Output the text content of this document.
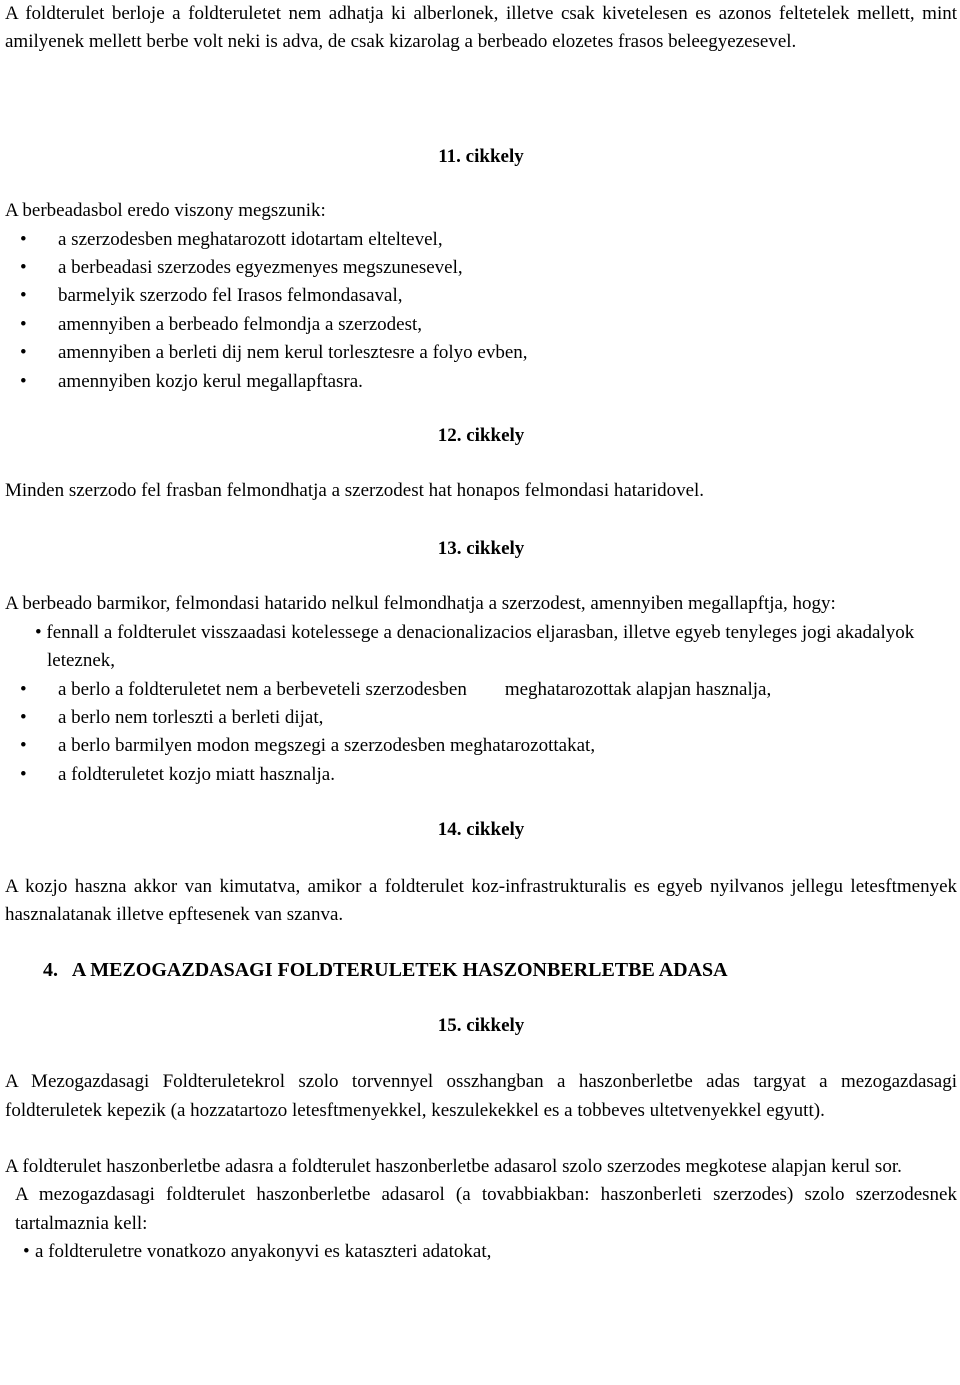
A foldterulet berloje a foldteruletet nem adhatja ki alberlonek, illetve csak kivetelesen es azonos feltetelek mellett, mint amilyenek mellett berbe volt neki is adva, de csak kizarolag a berbeado elozetes frasos beleegyezesevel.

11. cikkely

A berbeadasbol eredo viszony megszunik:

• a szerzodesben meghatarozott idotartam elteltevel,
• a berbeadasi szerzodes egyezmenyes megszunesevel,
• barmelyik szerzodo fel Irasos felmondasaval,
• amennyiben a berbeado felmondja a szerzodest,
• amennyiben a berleti dij nem kerul torlesztesre a folyo evben,
• amennyiben kozjo kerul megallapftasra.
12. cikkely

Minden szerzodo fel frasban felmondhatja a szerzodest hat honapos felmondasi hataridovel.

13. cikkely

A berbeado barmikor, felmondasi hatarido nelkul felmondhatja a szerzodest, amennyiben megallapftja, hogy:

• fennall a foldterulet visszaadasi kotelessege a denacionalizacios eljarasban, illetve egyeb tenyleges jogi akadalyok leteznek,
• a berlo a foldteruletet nem a berbeveteli szerzodesben        meghatarozottak alapjan hasznalja,
• a berlo nem torleszti a berleti dijat,
• a berlo barmilyen modon megszegi a szerzodesben meghatarozottakat,
• a foldteruletet kozjo miatt hasznalja.
14. cikkely

A kozjo haszna akkor van kimutatva, amikor a foldterulet koz-infrastrukturalis es egyeb nyilvanos jellegu letesftmenyek hasznalatanak illetve epftesenek van szanva.

4. A MEZOGAZDASAGI FOLDTERULETEK HASZONBERLETBE ADASA
15. cikkely

A Mezogazdasagi Foldteruletekrol szolo torvennyel osszhangban a haszonberletbe adas targyat a mezogazdasagi foldteruletek kepezik (a hozzatartozo letesftmenyekkel, keszulekekkel es a tobbeves ultetvenyekkel egyutt).

A foldterulet haszonberletbe adasra a foldterulet haszonberletbe adasarol szolo szerzodes megkotese alapjan kerul sor.

A mezogazdasagi foldterulet haszonberletbe adasarol (a tovabbiakban: haszonberleti szerzodes) szolo szerzodesnek tartalmaznia kell:

• a foldteruletre vonatkozo anyakonyvi es kataszteri adatokat,
